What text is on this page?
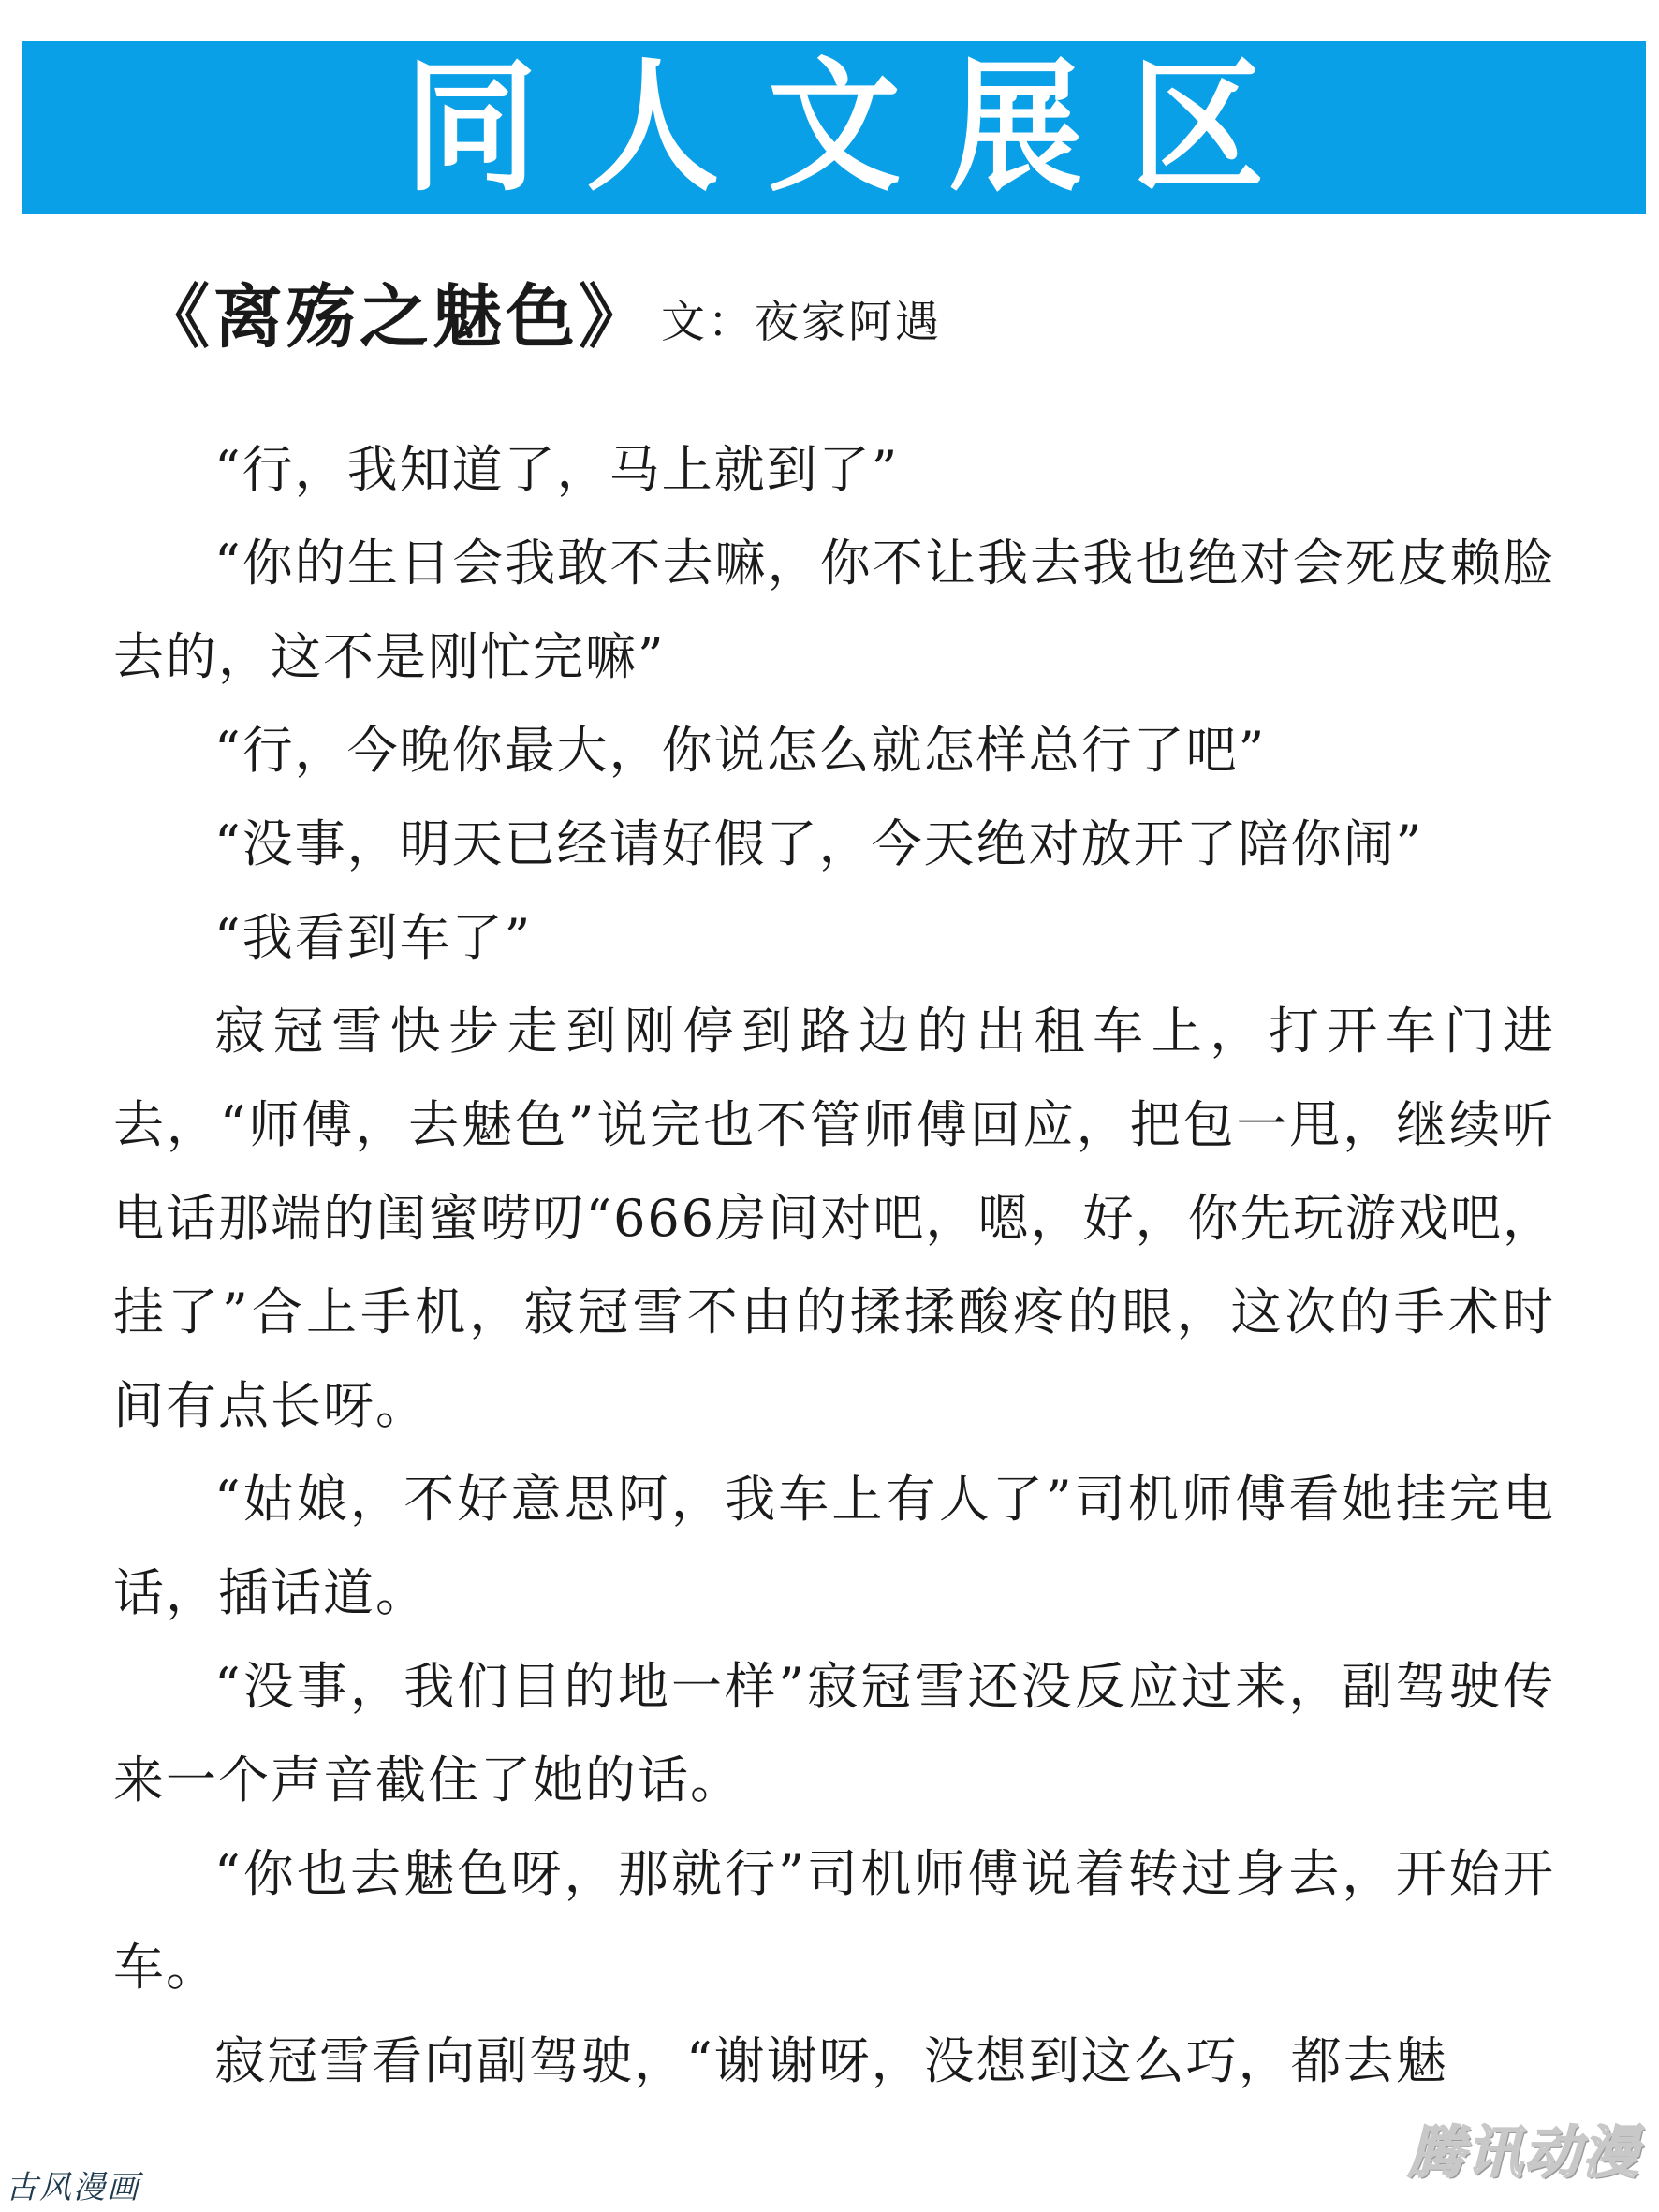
同人文展区
《离殇之魅色》 文：夜家阿遇

“行，我知道了，马上就到了”

“你的生日会我敢不去嘛，你不让我去我也绝对会死皮赖脸去的，这不是刚忙完嘛”

“行，今晚你最大，你说怎么就怎样总行了吧”

“没事，明天已经请好假了，今天绝对放开了陪你闹”

“我看到车了”

寂冠雪快步走到刚停到路边的出租车上，打开车门进去，“师傅，去魅色”说完也不管师傅回应，把包一甩，继续听电话那端的闺蜜唠叨“666房间对吧，嗯，好，你先玩游戏吧，挂了”合上手机，寂冠雪不由的揉揉酸疼的眼，这次的手术时间有点长呀。

“姑娘，不好意思阿，我车上有人了”司机师傅看她挂完电话，插话道。

“没事，我们目的地一样”寂冠雪还没反应过来，副驾驶传来一个声音截住了她的话。

“你也去魅色呀，那就行”司机师傅说着转过身去，开始开车。

寂冠雪看向副驾驶，“谢谢呀，没想到这么巧，都去魅

古风漫画
腾讯动漫
